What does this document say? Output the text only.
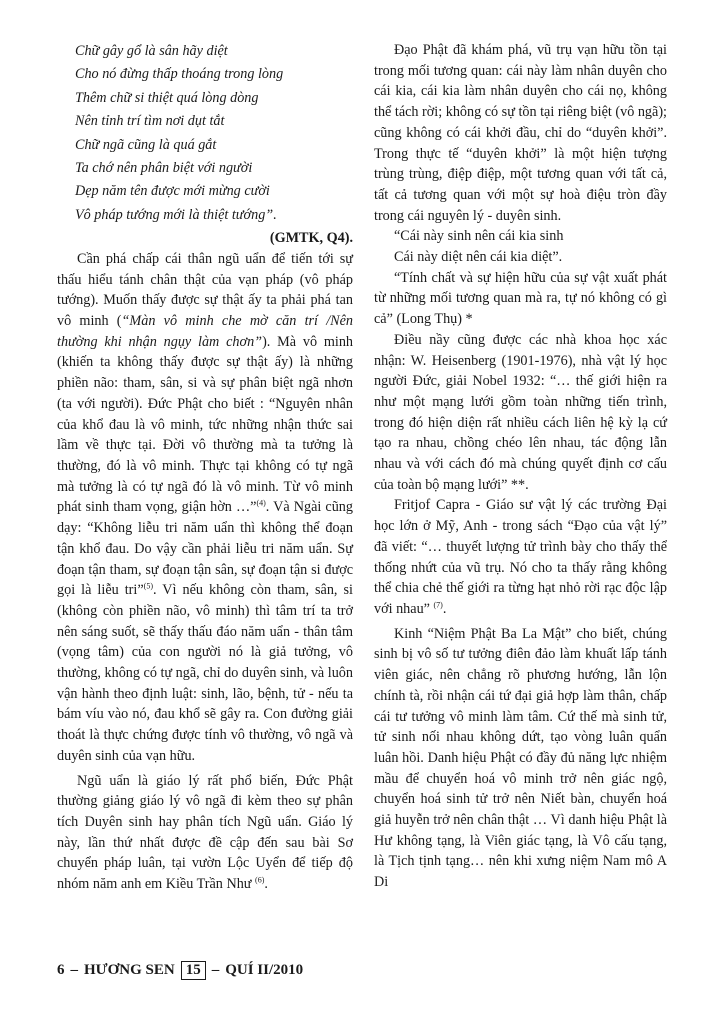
Chữ gây gổ là sân hãy diệt
Cho nó đừng thấp thoáng trong lòng
Thêm chữ si thiệt quá lòng dòng
Nên tỉnh trí tìm nơi dụt tắt
Chữ ngã cũng là quá gắt
Ta chớ nên phân biệt với người
Dẹp năm tên được mới mừng cười
Vô pháp tướng mới là thiệt tướng”.
(GMTK, Q4).

Cần phá chấp cái thân ngũ uẩn để tiến tới sự thấu hiểu tánh chân thật của vạn pháp (vô pháp tướng). Muốn thấy được sự thật ấy ta phải phá tan vô minh (“Màn vô minh che mờ căn trí /Nên thường khi nhận ngụy làm chơn”). Mà vô minh (khiến ta không thấy được sự thật ấy) là những phiền não: tham, sân, si và sự phân biệt ngã nhơn (ta với người). Đức Phật cho biết : “Nguyên nhân của khổ đau là vô minh, tức những nhận thức sai lầm về thực tại. Đời vô thường mà ta tưởng là thường, đó là vô minh. Thực tại không có tự ngã mà tưởng là có tự ngã đó là vô minh. Từ vô minh phát sinh tham vọng, giận hờn …”$^{(4)}$. Và Ngài cũng dạy: “Không liễu tri năm uẩn thì không thể đoạn tận khổ đau. Do vậy cần phải liễu tri năm uẩn. Sự đoạn tận tham, sự đoạn tận sân, sự đoạn tận si được gọi là liễu tri”$^{(5)}$. Vì nếu không còn tham, sân, si (không còn phiền não, vô minh) thì tâm trí ta trở nên sáng suốt, sẽ thấy thấu đáo năm uẩn - thân tâm (vọng tâm) của con người nó là giả tưởng, vô thường, không có tự ngã, chỉ do duyên sinh, và luôn vận hành theo định luật: sinh, lão, bệnh, tử - nếu ta bám víu vào nó, đau khổ sẽ gây ra. Con đường giải thoát là thực chứng được tính vô thường, vô ngã và duyên sinh của vạn hữu.

Ngũ uẩn là giáo lý rất phổ biến, Đức Phật thường giảng giáo lý vô ngã đi kèm theo sự phân tích Duyên sinh hay phân tích Ngũ uẩn. Giáo lý này, lần thứ nhất được đề cập đến sau bài Sơ chuyển pháp luân, tại vườn Lộc Uyển để tiếp độ nhóm năm anh em Kiều Trần Như $^{(6)}$.

Đạo Phật đã khám phá, vũ trụ vạn hữu tồn tại trong mối tương quan: cái này làm nhân duyên cho cái kia, cái kia làm nhân duyên cho cái nọ, không thể tách rời; không có sự tồn tại riêng biệt (vô ngã); cũng không có cái khởi đầu, chỉ do “duyên khởi”. Trong thực tế “duyên khởi” là một hiện tượng trùng trùng, điệp điệp, một tương quan với tất cả, tất cả tương quan với một sự hoà điệu tròn đầy trong cái nguyên lý - duyên sinh.

“Cái này sinh nên cái kia sinh

Cái này diệt nên cái kia diệt”.

“Tính chất và sự hiện hữu của sự vật xuất phát từ những mối tương quan mà ra, tự nó không có gì cả” (Long Thụ) *

Điều nầy cũng được các nhà khoa học xác nhận: W. Heisenberg (1901-1976), nhà vật lý học người Đức, giải Nobel 1932: “… thế giới hiện ra như một mạng lưới gồm toàn những tiến trình, trong đó hiện diện rất nhiều cách liên hệ kỳ lạ cứ tạo ra nhau, chồng chéo lên nhau, tác động lẫn nhau và với cách đó mà chúng quyết định cơ cấu của toàn bộ mạng lưới” **.

Fritjof Capra - Giáo sư vật lý các trường Đại học lớn ở Mỹ, Anh - trong sách “Đạo của vật lý” đã viết: “… thuyết lượng tử trình bày cho thấy thể thống nhứt của vũ trụ. Nó cho ta thấy rằng không thể chia chẻ thế giới ra từng hạt nhỏ rời rạc độc lập với nhau” $^{(7)}$.

Kinh “Niệm Phật Ba La Mật” cho biết, chúng sinh bị vô số tư tưởng điên đảo làm khuất lấp tánh viên giác, nên chẳng rõ phương hướng, lẫn lộn chính tà, rồi nhận cái tứ đại giả hợp làm thân, chấp cái tư tưởng vô minh làm tâm. Cứ thế mà sinh tử, tử sinh nối nhau không dứt, tạo vòng luân quẩn luân hồi. Danh hiệu Phật có đầy đủ năng lực nhiệm mầu để chuyển hoá vô minh trở nên giác ngộ, chuyển hoá sinh tử trở nên Niết bàn, chuyển hoá giả huyễn trở nên chân thật … Vì danh hiệu Phật là Hư không tạng, là Viên giác tạng, là Vô cấu tạng, là Tịch tịnh tạng… nên khi xưng niệm Nam mô A Di

6 – HƯƠNG SEN 15 – QUÍ II/2010
